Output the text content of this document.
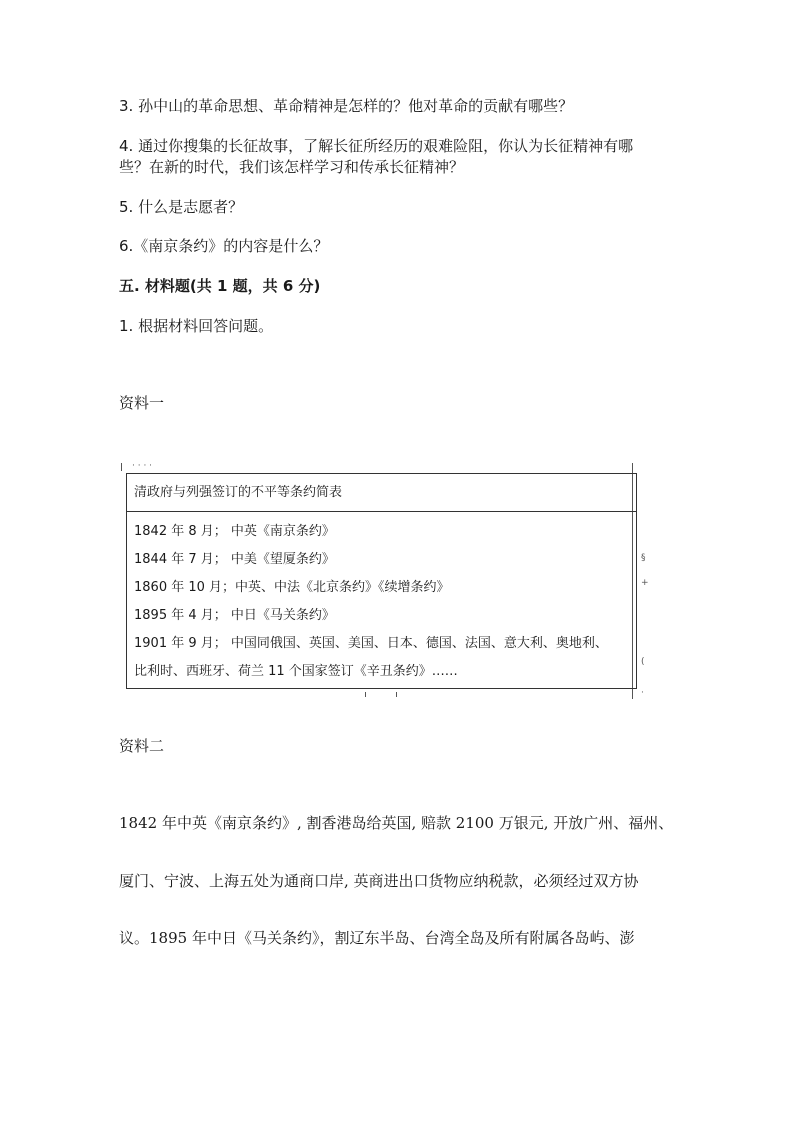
3. 孙中山的革命思想、革命精神是怎样的？他对革命的贡献有哪些？
4. 通过你搜集的长征故事，了解长征所经历的艰难险阻，你认为长征精神有哪
些？在新的时代，我们该怎样学习和传承长征精神？
5. 什么是志愿者？
6.《南京条约》的内容是什么？
五. 材料题(共 1 题，共 6 分)
1. 根据材料回答问题。
资料一
· · · ·
§
+
(
·
清政府与列强签订的不平等条约简表
1842 年 8 月； 中英《南京条约》
1844 年 7 月； 中美《望厦条约》
1860 年 10 月；中英、中法《北京条约》《续增条约》
1895 年 4 月； 中日《马关条约》
1901 年 9 月； 中国同俄国、英国、美国、日本、德国、法国、意大利、奥地利、
比利时、西班牙、荷兰 11 个国家签订《辛丑条约》……
资料二
1842 年中英《南京条约》, 割香港岛给英国, 赔款 2100 万银元, 开放广州、福州、
厦门、宁波、上海五处为通商口岸, 英商进出口货物应纳税款，必须经过双方协
议。1895 年中日《马关条约》，割辽东半岛、台湾全岛及所有附属各岛屿、澎
